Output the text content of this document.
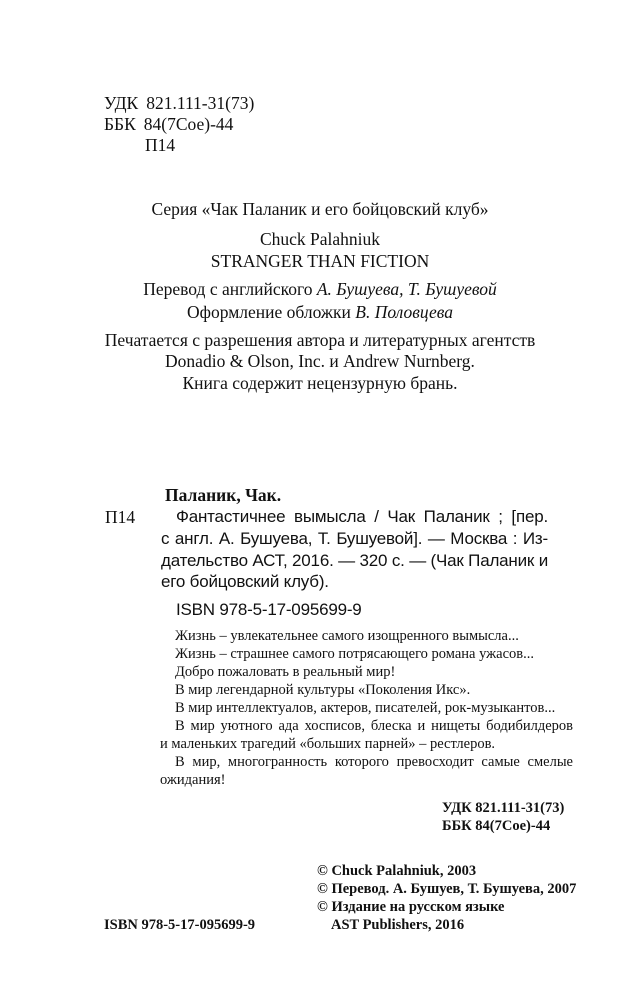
УДК 821.111-31(73)
ББК 84(7Сое)-44
П14
Серия «Чак Паланик и его бойцовский клуб»
Chuck Palahniuk
STRANGER THAN FICTION
Перевод с английского А. Бушуева, Т. Бушуевой
Оформление обложки В. Половцева
Печатается с разрешения автора и литературных агентств
Donadio & Olson, Inc. и Andrew Nurnberg.
Книга содержит нецензурную брань.
Паланик, Чак.
П14 Фантастичнее вымысла / Чак Паланик ; [пер.
с англ. А. Бушуева, Т. Бушуевой]. — Москва : Из-
дательство АСТ, 2016. — 320 с. — (Чак Паланик и
его бойцовский клуб).
ISBN 978-5-17-095699-9
Жизнь – увлекательнее самого изощренного вымысла...
Жизнь – страшнее самого потрясающего романа ужасов...
Добро пожаловать в реальный мир!
В мир легендарной культуры «Поколения Икс».
В мир интеллектуалов, актеров, писателей, рок-музыкантов...
В мир уютного ада хосписов, блеска и нищеты бодибилдеров
и маленьких трагедий «больших парней» – рестлеров.
В мир, многогранность которого превосходит самые смелые
ожидания!
УДК 821.111-31(73)
ББК 84(7Сое)-44
© Chuck Palahniuk, 2003
© Перевод. А. Бушуев, Т. Бушуева, 2007
© Издание на русском языке
AST Publishers, 2016
ISBN 978-5-17-095699-9
